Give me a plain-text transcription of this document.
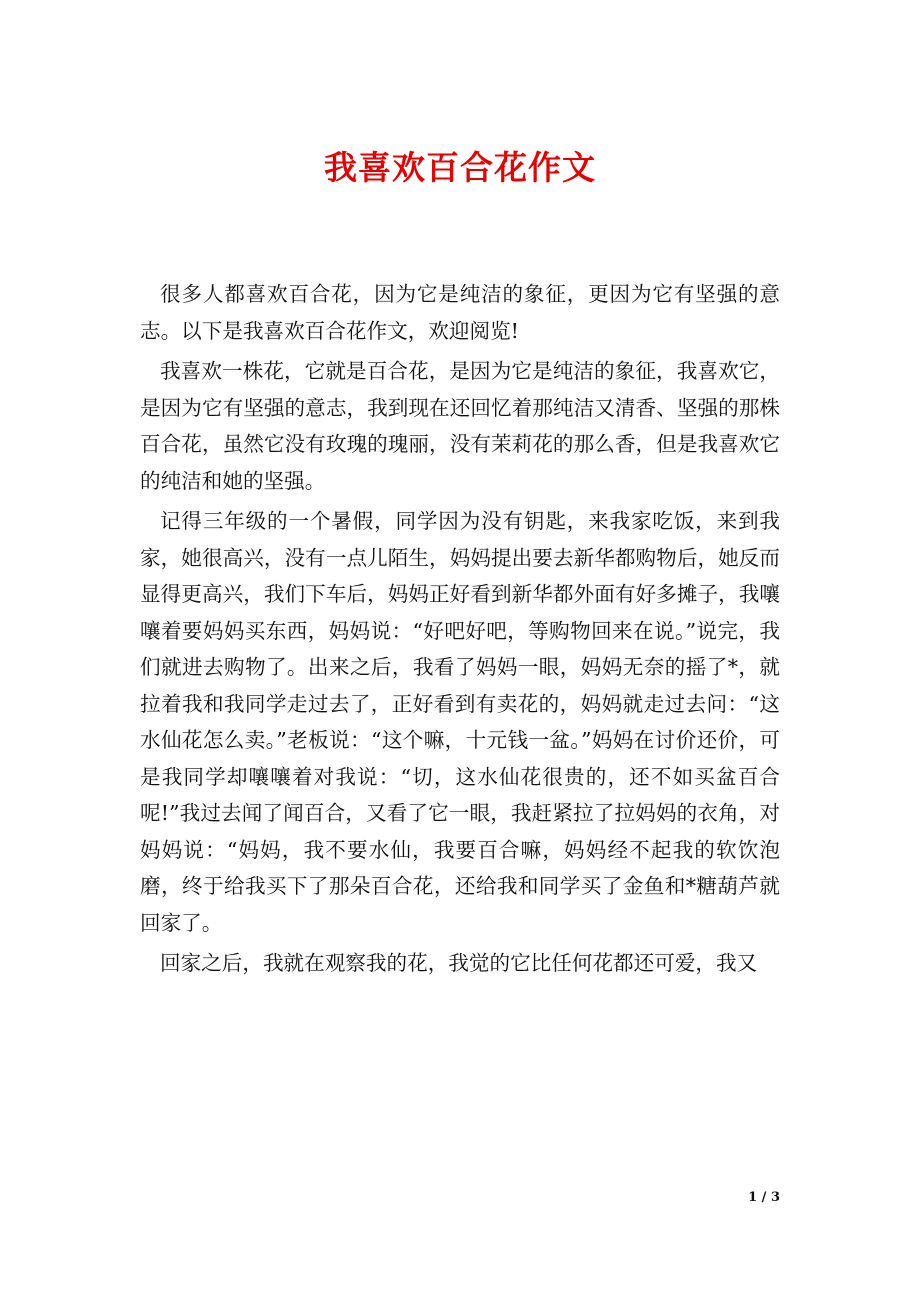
我喜欢百合花作文

很多人都喜欢百合花，因为它是纯洁的象征，更因为它有坚强的意志。以下是我喜欢百合花作文，欢迎阅览!

我喜欢一株花，它就是百合花，是因为它是纯洁的象征，我喜欢它，是因为它有坚强的意志，我到现在还回忆着那纯洁又清香、坚强的那株百合花，虽然它没有玫瑰的瑰丽，没有茉莉花的那么香，但是我喜欢它的纯洁和她的坚强。

记得三年级的一个暑假，同学因为没有钥匙，来我家吃饭，来到我家，她很高兴，没有一点儿陌生，妈妈提出要去新华都购物后，她反而显得更高兴，我们下车后，妈妈正好看到新华都外面有好多摊子，我嚷嚷着要妈妈买东西，妈妈说：“好吧好吧，等购物回来在说。”说完，我们就进去购物了。出来之后，我看了妈妈一眼，妈妈无奈的摇了*，就拉着我和我同学走过去了，正好看到有卖花的，妈妈就走过去问：“这水仙花怎么卖。”老板说：“这个嘛，十元钱一盆。”妈妈在讨价还价，可是我同学却嚷嚷着对我说：“切，这水仙花很贵的，还不如买盆百合呢!”我过去闻了闻百合，又看了它一眼，我赶紧拉了拉妈妈的衣角，对妈妈说：“妈妈，我不要水仙，我要百合嘛，妈妈经不起我的软饮泡磨，终于给我买下了那朵百合花，还给我和同学买了金鱼和*糖葫芦就回家了。

回家之后，我就在观察我的花，我觉的它比任何花都还可爱，我又

1 / 3
